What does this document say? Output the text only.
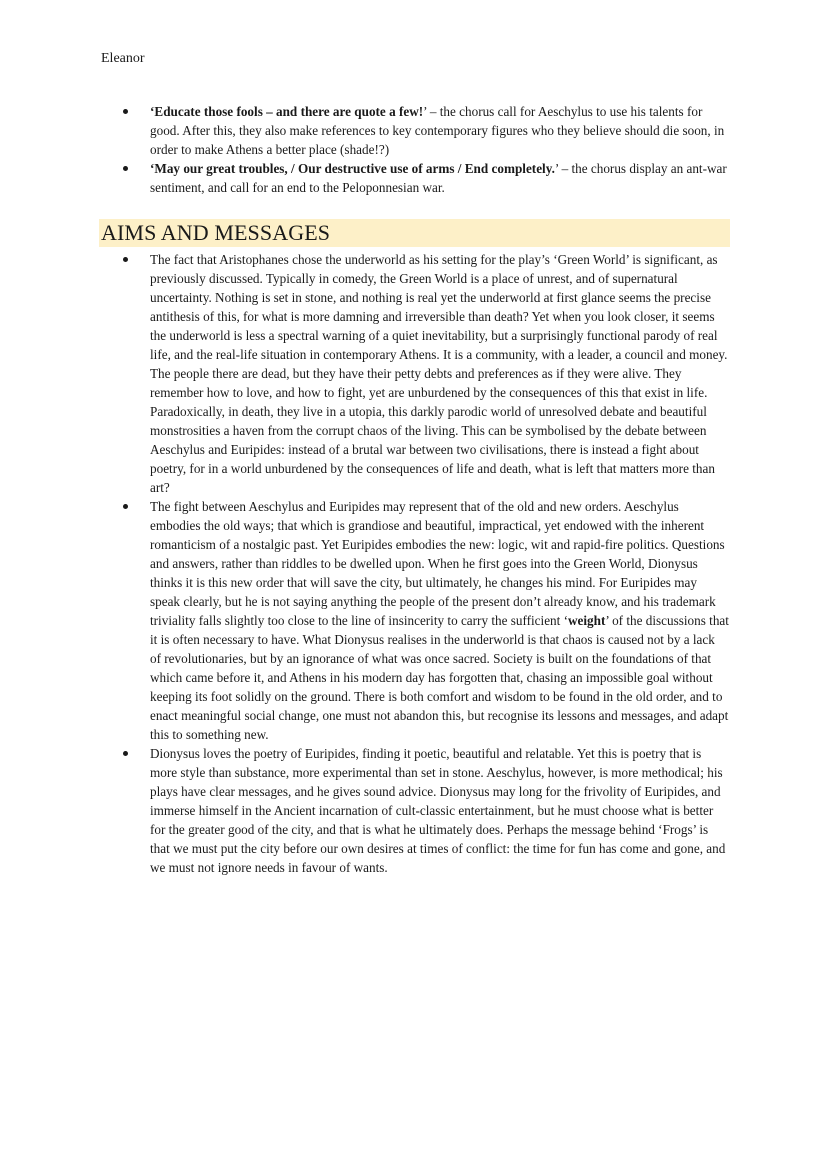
Eleanor
‘Educate those fools – and there are quote a few!’ – the chorus call for Aeschylus to use his talents for good. After this, they also make references to key contemporary figures who they believe should die soon, in order to make Athens a better place (shade!?)
‘May our great troubles, / Our destructive use of arms / End completely.’ – the chorus display an ant-war sentiment, and call for an end to the Peloponnesian war.
AIMS AND MESSAGES
The fact that Aristophanes chose the underworld as his setting for the play’s ‘Green World’ is significant, as previously discussed. Typically in comedy, the Green World is a place of unrest, and of supernatural uncertainty. Nothing is set in stone, and nothing is real yet the underworld at first glance seems the precise antithesis of this, for what is more damning and irreversible than death? Yet when you look closer, it seems the underworld is less a spectral warning of a quiet inevitability, but a surprisingly functional parody of real life, and the real-life situation in contemporary Athens. It is a community, with a leader, a council and money. The people there are dead, but they have their petty debts and preferences as if they were alive. They remember how to love, and how to fight, yet are unburdened by the consequences of this that exist in life. Paradoxically, in death, they live in a utopia, this darkly parodic world of unresolved debate and beautiful monstrosities a haven from the corrupt chaos of the living. This can be symbolised by the debate between Aeschylus and Euripides: instead of a brutal war between two civilisations, there is instead a fight about poetry, for in a world unburdened by the consequences of life and death, what is left that matters more than art?
The fight between Aeschylus and Euripides may represent that of the old and new orders. Aeschylus embodies the old ways; that which is grandiose and beautiful, impractical, yet endowed with the inherent romanticism of a nostalgic past. Yet Euripides embodies the new: logic, wit and rapid-fire politics. Questions and answers, rather than riddles to be dwelled upon. When he first goes into the Green World, Dionysus thinks it is this new order that will save the city, but ultimately, he changes his mind. For Euripides may speak clearly, but he is not saying anything the people of the present don’t already know, and his trademark triviality falls slightly too close to the line of insincerity to carry the sufficient ‘weight’ of the discussions that it is often necessary to have. What Dionysus realises in the underworld is that chaos is caused not by a lack of revolutionaries, but by an ignorance of what was once sacred. Society is built on the foundations of that which came before it, and Athens in his modern day has forgotten that, chasing an impossible goal without keeping its foot solidly on the ground. There is both comfort and wisdom to be found in the old order, and to enact meaningful social change, one must not abandon this, but recognise its lessons and messages, and adapt this to something new.
Dionysus loves the poetry of Euripides, finding it poetic, beautiful and relatable. Yet this is poetry that is more style than substance, more experimental than set in stone. Aeschylus, however, is more methodical; his plays have clear messages, and he gives sound advice. Dionysus may long for the frivolity of Euripides, and immerse himself in the Ancient incarnation of cult-classic entertainment, but he must choose what is better for the greater good of the city, and that is what he ultimately does. Perhaps the message behind ‘Frogs’ is that we must put the city before our own desires at times of conflict: the time for fun has come and gone, and we must not ignore needs in favour of wants.
